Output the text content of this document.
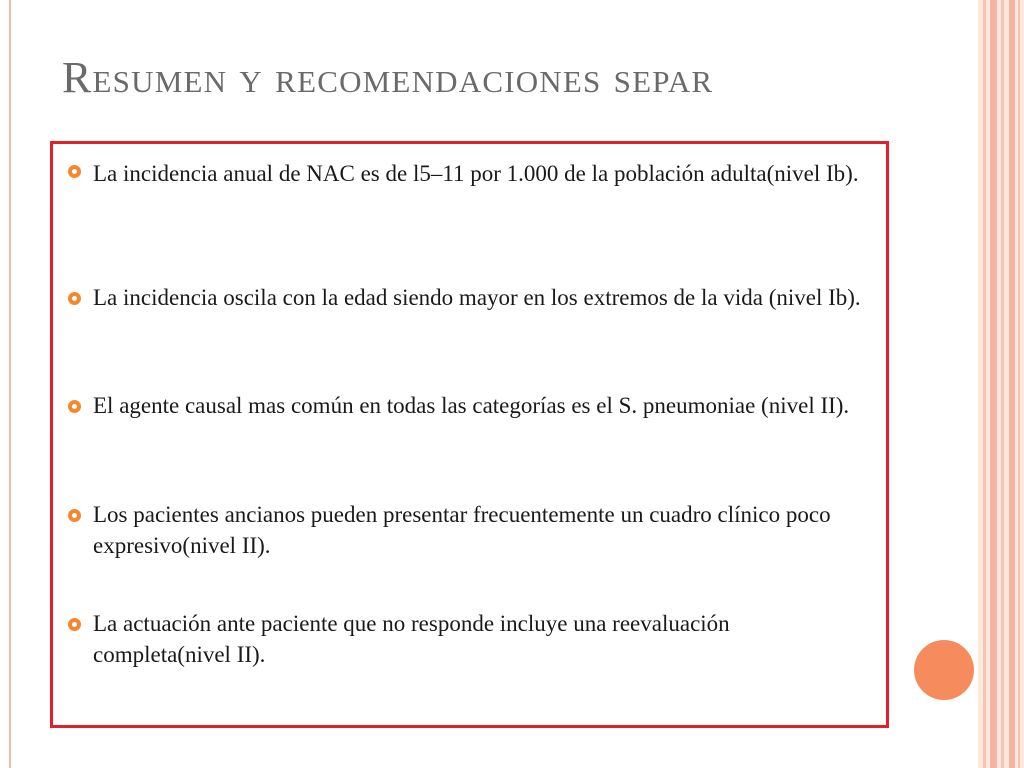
Resumen y recomendaciones separ
La incidencia anual de NAC es de l5–11 por 1.000 de la población adulta(nivel Ib).
La incidencia oscila con la edad siendo mayor en los extremos de la vida (nivel Ib).
El agente causal mas común en todas las categorías es el S. pneumoniae (nivel II).
Los pacientes ancianos pueden presentar frecuentemente un cuadro clínico poco expresivo(nivel II).
La actuación ante paciente que no responde incluye una reevaluación completa(nivel II).
